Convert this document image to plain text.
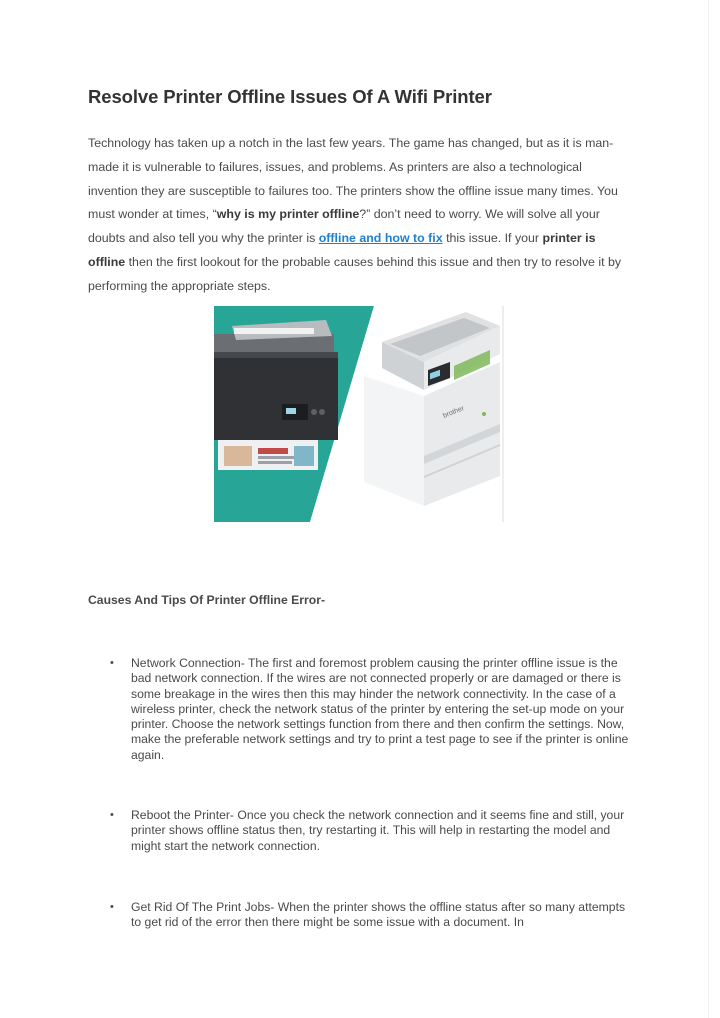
Resolve Printer Offline Issues Of A Wifi Printer

Technology has taken up a notch in the last few years. The game has changed, but as it is man-made it is vulnerable to failures, issues, and problems. As printers are also a technological invention they are susceptible to failures too. The printers show the offline issue many times. You must wonder at times, “why is my printer offline?” don’t need to worry. We will solve all your doubts and also tell you why the printer is offline and how to fix this issue. If your printer is offline then the first lookout for the probable causes behind this issue and then try to resolve it by performing the appropriate steps.

brother
Causes And Tips Of Printer Offline Error-
• Network Connection- The first and foremost problem causing the printer offline issue is the bad network connection. If the wires are not connected properly or are damaged or there is some breakage in the wires then this may hinder the network connectivity. In the case of a wireless printer, check the network status of the printer by entering the set-up mode on your printer. Choose the network settings function from there and then confirm the settings. Now, make the preferable network settings and try to print a test page to see if the printer is online again.
• Reboot the Printer- Once you check the network connection and it seems fine and still, your printer shows offline status then, try restarting it. This will help in restarting the model and might start the network connection.
• Get Rid Of The Print Jobs- When the printer shows the offline status after so many attempts to get rid of the error then there might be some issue with a document. In
